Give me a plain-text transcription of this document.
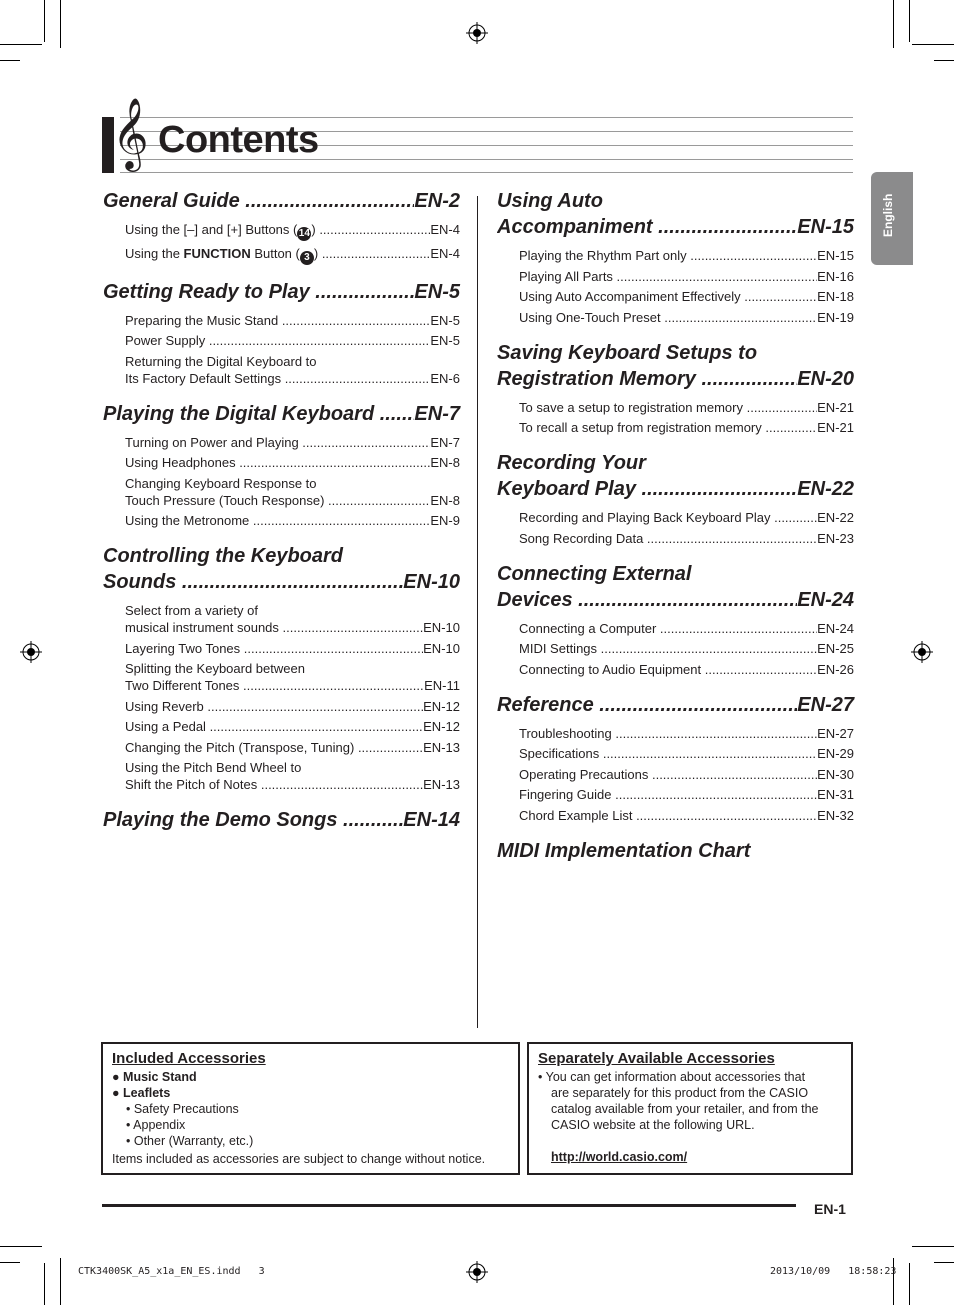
𝄞 Contents
English
General Guide .....	EN-2
Using the [–] and [+] Buttons (14) .....	EN-4
Using the FUNCTION Button ( 3 ) .....	EN-4
Getting Ready to Play .....	EN-5
Preparing the Music Stand .....	EN-5
Power Supply .....	EN-5
Returning the Digital Keyboard to
Its Factory Default Settings .....	EN-6
Playing the Digital Keyboard .....	EN-7
Turning on Power and Playing .....	EN-7
Using Headphones .....	EN-8
Changing Keyboard Response to
Touch Pressure (Touch Response) .....	EN-8
Using the Metronome .....	EN-9
Controlling the Keyboard
Sounds .....	EN-10
Select from a variety of
musical instrument sounds .....	EN-10
Layering Two Tones .....	EN-10
Splitting the Keyboard between
Two Different Tones .....	EN-11
Using Reverb .....	EN-12
Using a Pedal .....	EN-12
Changing the Pitch (Transpose, Tuning) .....	EN-13
Using the Pitch Bend Wheel to
Shift the Pitch of Notes .....	EN-13
Playing the Demo Songs .....	EN-14
Using Auto
Accompaniment .....	EN-15
Playing the Rhythm Part only .....	EN-15
Playing All Parts .....	EN-16
Using Auto Accompaniment Effectively .....	EN-18
Using One-Touch Preset .....	EN-19
Saving Keyboard Setups to
Registration Memory .....	EN-20
To save a setup to registration memory .....	EN-21
To recall a setup from registration memory .....	EN-21
Recording Your
Keyboard Play .....	EN-22
Recording and Playing Back Keyboard Play .....	EN-22
Song Recording Data .....	EN-23
Connecting External
Devices .....	EN-24
Connecting a Computer .....	EN-24
MIDI Settings .....	EN-25
Connecting to Audio Equipment .....	EN-26
Reference .....	EN-27
Troubleshooting .....	EN-27
Specifications .....	EN-29
Operating Precautions .....	EN-30
Fingering Guide .....	EN-31
Chord Example List .....	EN-32
MIDI Implementation Chart
Included Accessories
● Music Stand
● Leaflets
• Safety Precautions
• Appendix
• Other (Warranty, etc.)
Items included as accessories are subject to change without notice.
Separately Available Accessories
• You can get information about accessories that
are separately for this product from the CASIO
catalog available from your retailer, and from the
CASIO website at the following URL.
http://world.casio.com/
EN-1
CTK3400SK_A5_x1a_EN_ES.indd   3	2013/10/09   18:58:23
